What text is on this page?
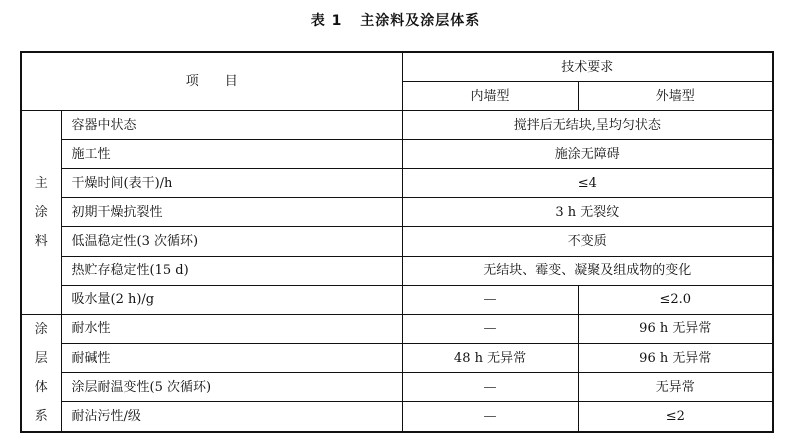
表 1 主涂料及涂层体系
项　　目		技术要求	
		内墙型	外墙型

主
涂
料	容器中状态	搅拌后无结块,呈均匀状态	
	施工性	施涂无障碍	
	干燥时间(表干)/h	≤4	
	初期干燥抗裂性	3 h 无裂纹	
	低温稳定性(3 次循环)	不变质	
	热贮存稳定性(15 d)	无结块、霉变、凝聚及组成物的变化	
	吸水量(2 h)/g	—	≤2.0

涂
层
体
系	耐水性	—	96 h 无异常
	耐碱性	48 h 无异常	96 h 无异常
	涂层耐温变性(5 次循环)	—	无异常
	耐沾污性/级	—	≤2
